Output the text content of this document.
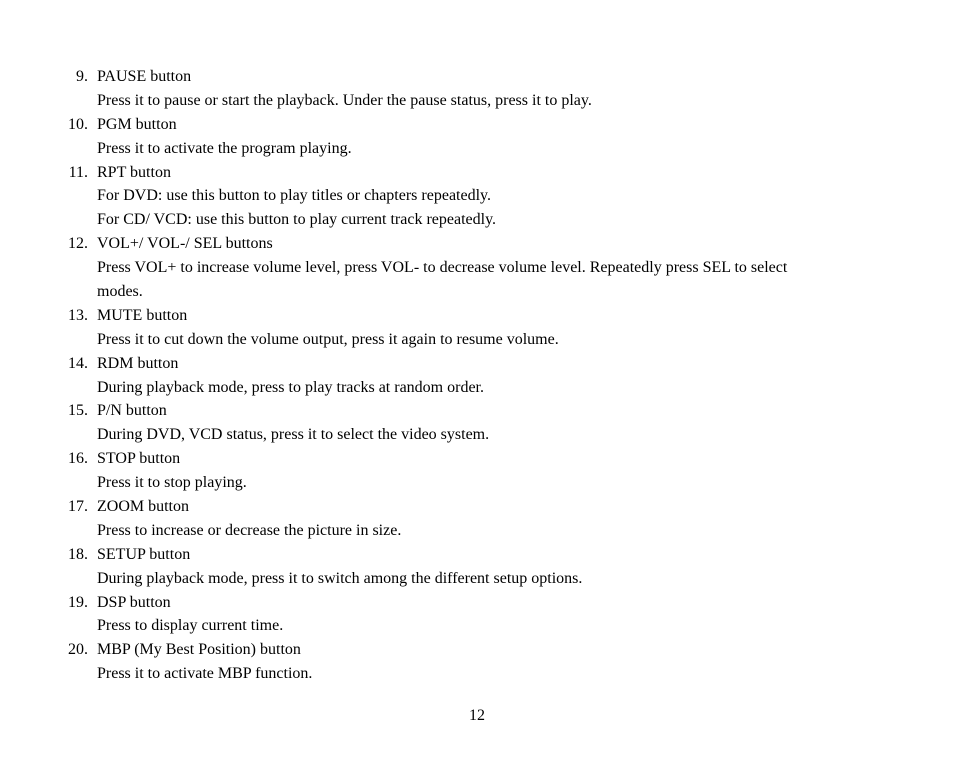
9. PAUSE button
Press it to pause or start the playback. Under the pause status, press it to play.
10. PGM button
Press it to activate the program playing.
11. RPT button
For DVD: use this button to play titles or chapters repeatedly.
For CD/ VCD: use this button to play current track repeatedly.
12. VOL+/ VOL-/ SEL buttons
Press VOL+ to increase volume level, press VOL- to decrease volume level. Repeatedly press SEL to select
modes.
13. MUTE button
Press it to cut down the volume output, press it again to resume volume.
14. RDM button
During playback mode, press to play tracks at random order.
15. P/N button
During DVD, VCD status, press it to select the video system.
16. STOP button
Press it to stop playing.
17. ZOOM button
Press to increase or decrease the picture in size.
18. SETUP button
During playback mode, press it to switch among the different setup options.
19. DSP button
Press to display current time.
20. MBP (My Best Position) button
Press it to activate MBP function.
12
